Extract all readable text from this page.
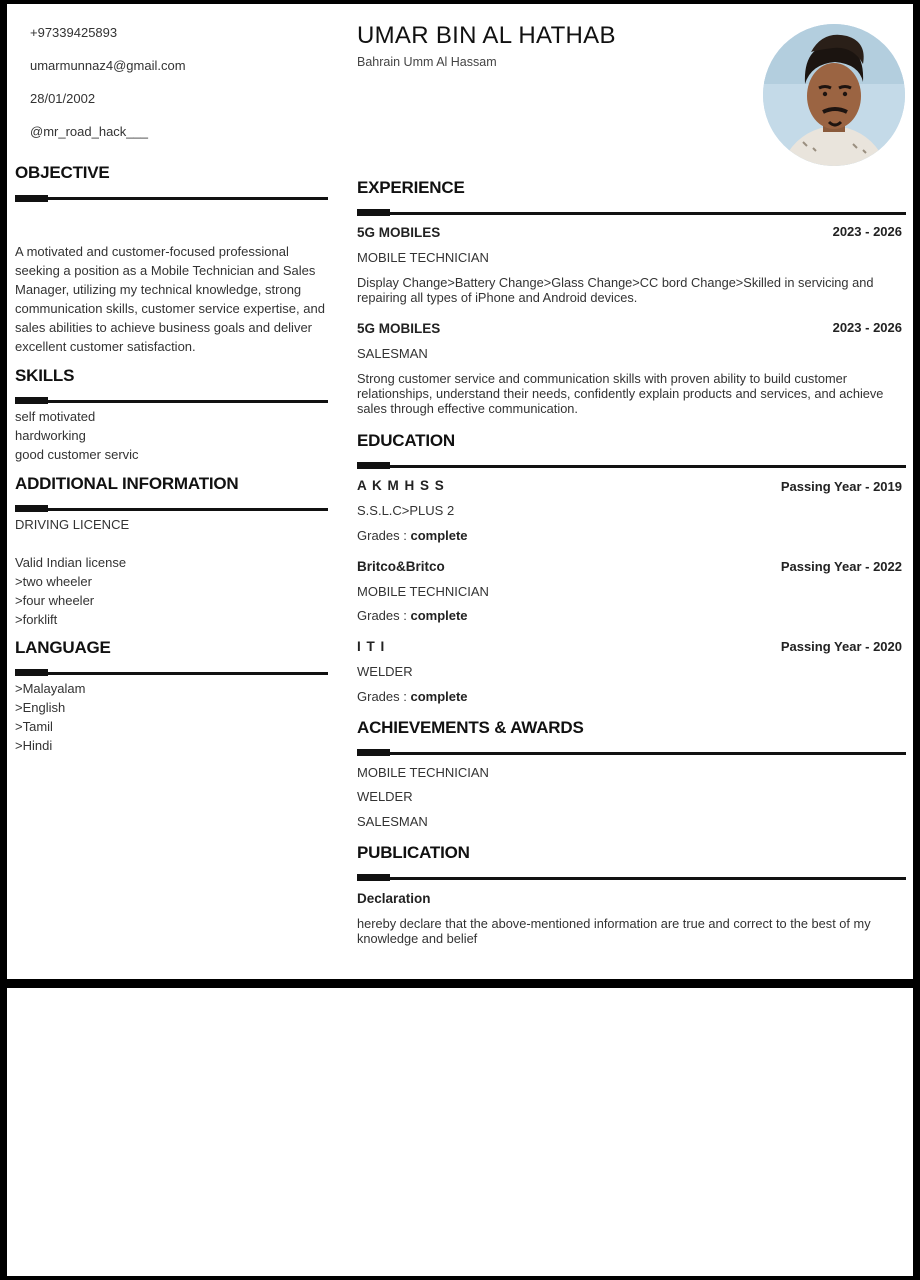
+97339425893
umarmunnaz4@gmail.com
28/01/2002
@mr_road_hack___
UMAR BIN AL HATHAB
Bahrain Umm Al Hassam
OBJECTIVE
A motivated and customer-focused professional seeking a position as a Mobile Technician and Sales Manager, utilizing my technical knowledge, strong communication skills, customer service expertise, and sales abilities to achieve business goals and deliver excellent customer satisfaction.
SKILLS
self motivated
hardworking
good customer servic
ADDITIONAL INFORMATION
DRIVING LICENCE
Valid Indian license
>two wheeler
>four wheeler
>forklift
LANGUAGE
>Malayalam
>English
>Tamil
>Hindi
EXPERIENCE
5G MOBILES	2023 - 2026
MOBILE TECHNICIAN
Display Change>Battery Change>Glass Change>CC bord Change>Skilled in servicing and repairing all types of iPhone and Android devices.
5G MOBILES	2023 - 2026
SALESMAN
Strong customer service and communication skills with proven ability to build customer relationships, understand their needs, confidently explain products and services, and achieve sales through effective communication.
EDUCATION
A K M H S S	Passing Year - 2019
S.S.L.C>PLUS 2
Grades : complete
Britco&Britco	Passing Year - 2022
MOBILE TECHNICIAN
Grades : complete
I T I	Passing Year - 2020
WELDER
Grades : complete
ACHIEVEMENTS & AWARDS
MOBILE TECHNICIAN
WELDER
SALESMAN
PUBLICATION
Declaration
hereby declare that the above-mentioned information are true and correct to the best of my knowledge and belief
